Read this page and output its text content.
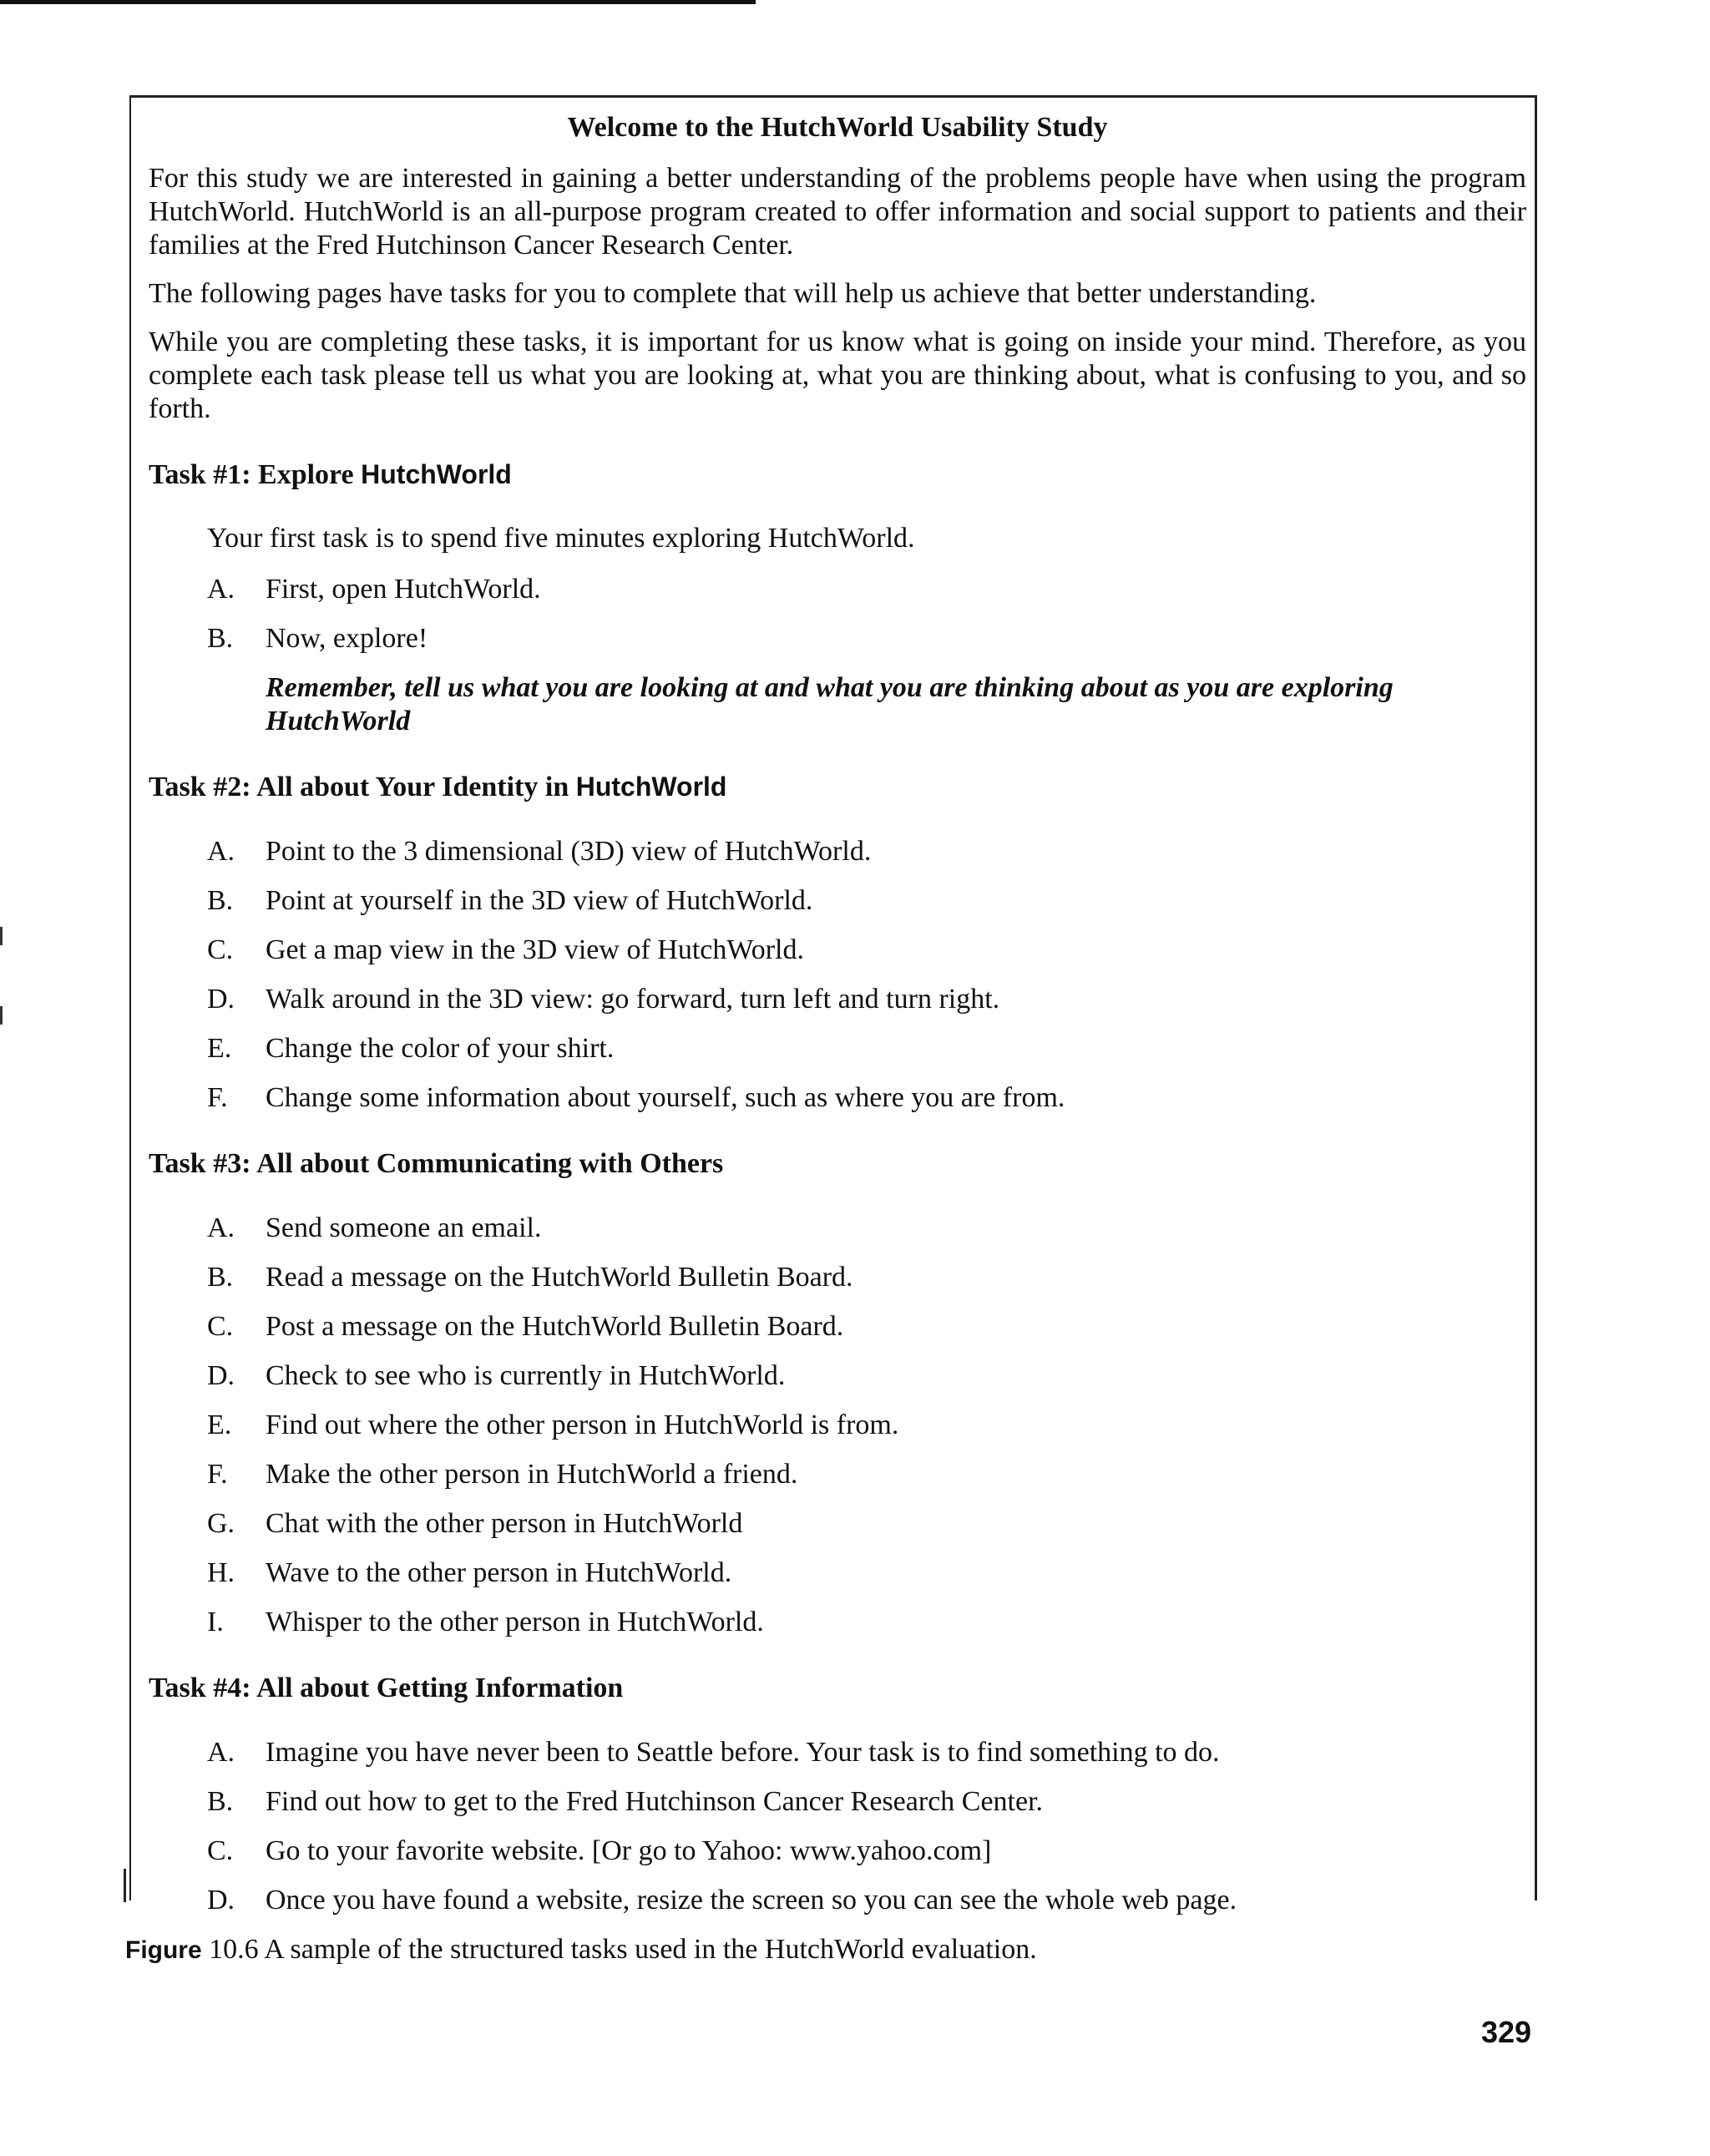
Welcome to the HutchWorld Usability Study

For this study we are interested in gaining a better understanding of the problems people have when using the program HutchWorld. HutchWorld is an all-purpose program created to offer information and social support to patients and their families at the Fred Hutchinson Cancer Research Center.

The following pages have tasks for you to complete that will help us achieve that better understanding.

While you are completing these tasks, it is important for us know what is going on inside your mind. Therefore, as you complete each task please tell us what you are looking at, what you are thinking about, what is confusing to you, and so forth.

Task #1: Explore HutchWorld
Your first task is to spend five minutes exploring HutchWorld.
A.	First, open HutchWorld.
B.	Now, explore!
Remember, tell us what you are looking at and what you are thinking about as you are exploring HutchWorld
Task #2: All about Your Identity in HutchWorld
A.	Point to the 3 dimensional (3D) view of HutchWorld.
B.	Point at yourself in the 3D view of HutchWorld.
C.	Get a map view in the 3D view of HutchWorld.
D.	Walk around in the 3D view: go forward, turn left and turn right.
E.	Change the color of your shirt.
F.	Change some information about yourself, such as where you are from.
Task #3: All about Communicating with Others
A.	Send someone an email.
B.	Read a message on the HutchWorld Bulletin Board.
C.	Post a message on the HutchWorld Bulletin Board.
D.	Check to see who is currently in HutchWorld.
E.	Find out where the other person in HutchWorld is from.
F.	Make the other person in HutchWorld a friend.
G.	Chat with the other person in HutchWorld
H.	Wave to the other person in HutchWorld.
I.	Whisper to the other person in HutchWorld.
Task #4: All about Getting Information
A.	Imagine you have never been to Seattle before. Your task is to find something to do.
B.	Find out how to get to the Fred Hutchinson Cancer Research Center.
C.	Go to your favorite website. [Or go to Yahoo: www.yahoo.com]
D.	Once you have found a website, resize the screen so you can see the whole web page.
Figure 10.6 A sample of the structured tasks used in the HutchWorld evaluation.
329
